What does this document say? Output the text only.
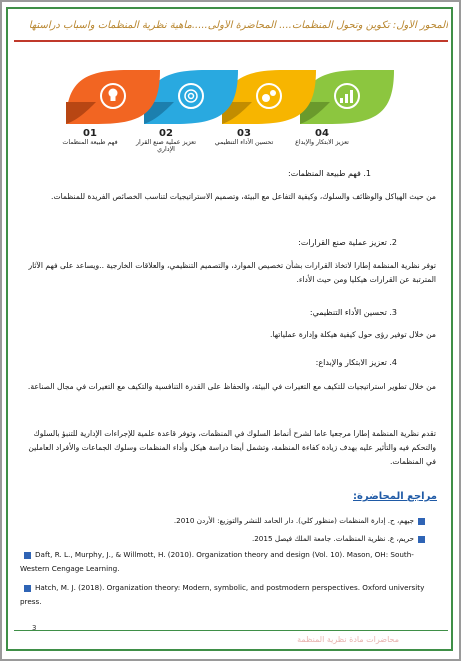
المحور الأول: تكوين وتحول المنظمات.... المحاضرة الأولى.....ماهية نظرية المنظمات وأسباب دراستها
01
فهم طبيعة المنظمات
02
تعزيز عملية صنع القرار الإداري
03
تحسين الأداء التنظيمي
04
تعزيز الابتكار والإبداع
1. فهم طبيعة المنظمات:
من حيث الهياكل والوظائف والسلوك، وكيفية التفاعل مع البيئة، وتصميم الاستراتيجيات لتناسب الخصائص الفريدة للمنظمات.
2. تعزيز عملية صنع القرارات:
توفر نظرية المنظمة إطارا لاتخاذ القرارات بشأن تخصيص الموارد، والتصميم التنظيمي، والعلاقات الخارجية ..ويساعد على فهم الآثار المترتبة عن القرارات هيكليا ومن حيث الأداء.
3. تحسين الأداء التنظيمي:
من خلال توفير رؤى حول كيفية هيكلة وإدارة عملياتها.
4. تعزيز الابتكار والإبداع:
من خلال تطوير استراتيجيات للتكيف مع التغيرات في البيئة، والحفاظ على القدرة التنافسية والتكيف مع التغيرات في مجال الصناعة.
تقدم نظرية المنظمة إطارا مرجعيا عاما لشرح أنماط السلوك في المنظمات، وتوفر قاعدة علمية للإجراءات الإدارية للتنبؤ بالسلوك والتحكم فيه والتأثير عليه بهدف زيادة كفاءة المنظمة، وتشمل أيضا دراسة هيكل وأداء المنظمات وسلوك الجماعات والأفراد العاملين في المنظمات.
مراجع المحاضرة:
جيهم، ح. إدارة المنظمات (منظور كلي). دار الحامد للنشر والتوزيع: الأردن 2010.
حريم، ع. نظرية المنظمات. جامعة الملك فيصل 2015.
Daft, R. L., Murphy, J., & Willmott, H. (2010). Organization theory and design (Vol. 10). Mason, OH: South-Western Cengage Learning.
Hatch, M. J. (2018). Organization theory: Modern, symbolic, and postmodern perspectives. Oxford university press.
3
محاضرات مادة نظرية المنظمة
